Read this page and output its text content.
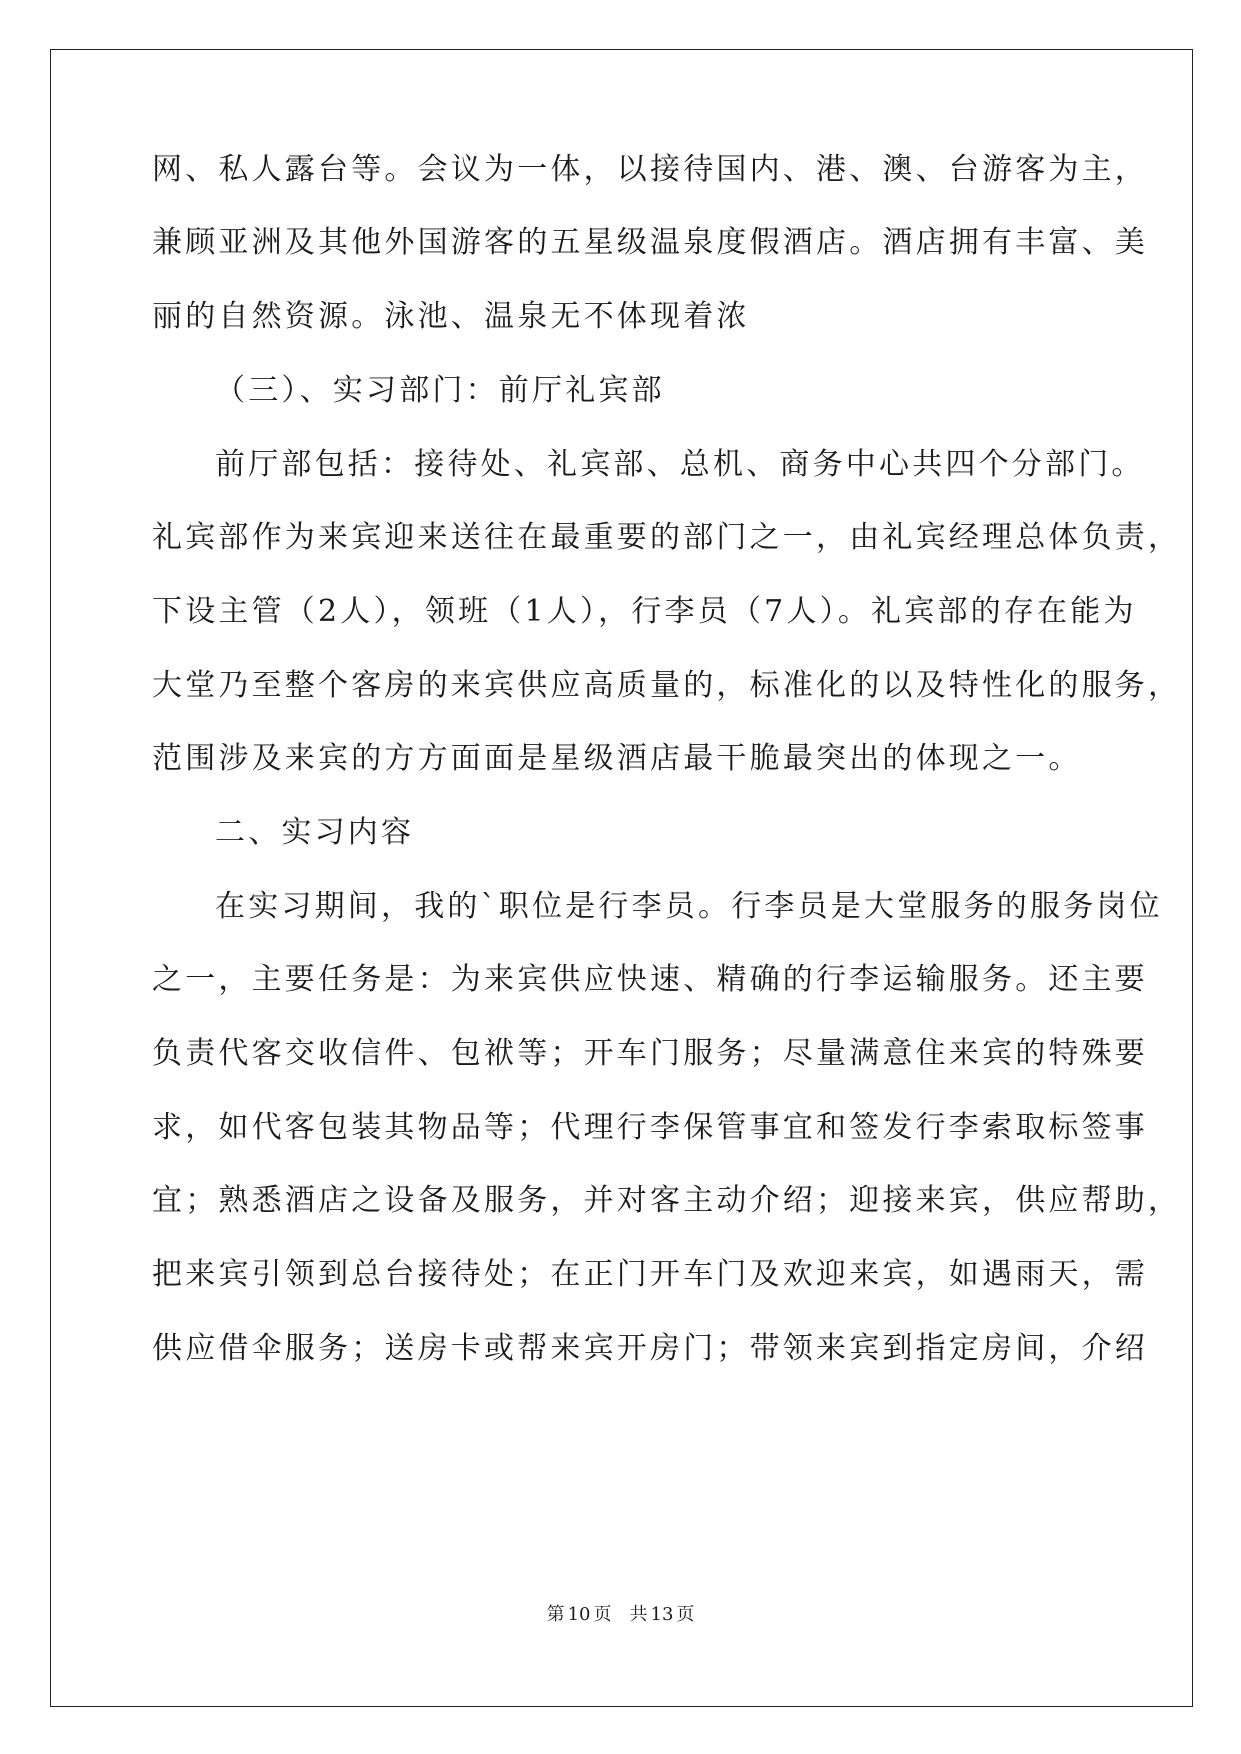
网、私人露台等。会议为一体，以接待国内、港、澳、台游客为主，
兼顾亚洲及其他外国游客的五星级温泉度假酒店。酒店拥有丰富、美
丽的自然资源。泳池、温泉无不体现着浓
（三）、实习部门：前厅礼宾部
前厅部包括：接待处、礼宾部、总机、商务中心共四个分部门。
礼宾部作为来宾迎来送往在最重要的部门之一，由礼宾经理总体负责，
下设主管（2人），领班（1人），行李员（7人）。礼宾部的存在能为
大堂乃至整个客房的来宾供应高质量的，标准化的以及特性化的服务，
范围涉及来宾的方方面面是星级酒店最干脆最突出的体现之一。
二、实习内容
在实习期间，我的`职位是行李员。行李员是大堂服务的服务岗位
之一，主要任务是：为来宾供应快速、精确的行李运输服务。还主要
负责代客交收信件、包袱等；开车门服务；尽量满意住来宾的特殊要
求，如代客包装其物品等；代理行李保管事宜和签发行李索取标签事
宜；熟悉酒店之设备及服务，并对客主动介绍；迎接来宾，供应帮助，
把来宾引领到总台接待处；在正门开车门及欢迎来宾，如遇雨天，需
供应借伞服务；送房卡或帮来宾开房门；带领来宾到指定房间，介绍
第 10 页 共 13 页
